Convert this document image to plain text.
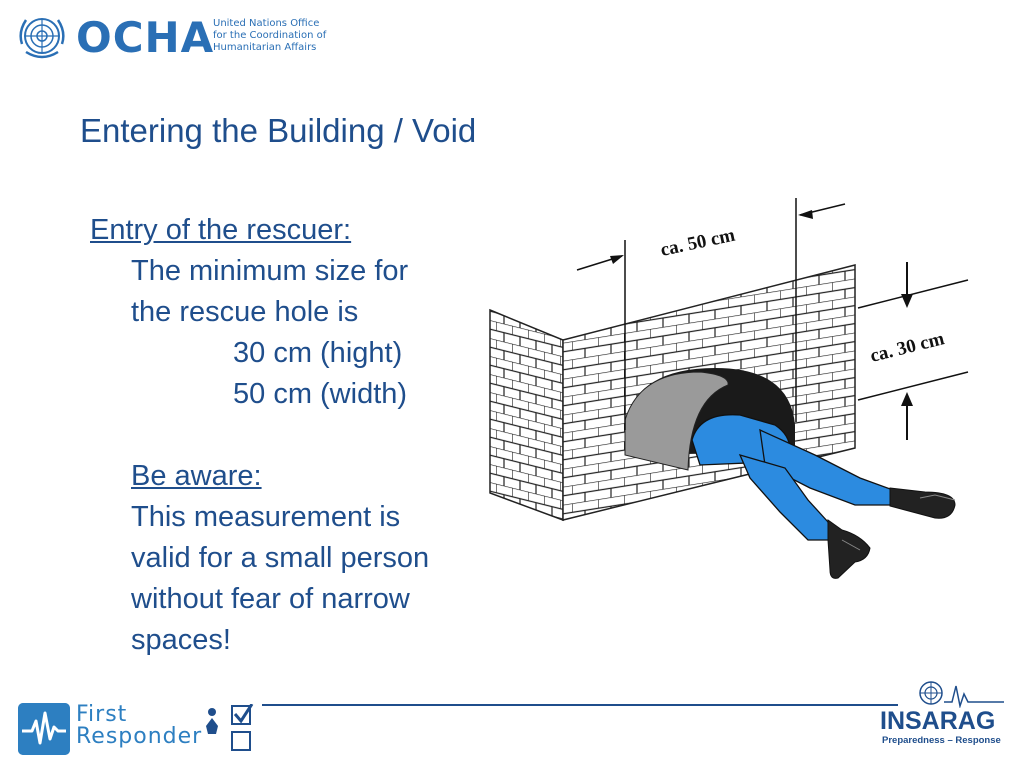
OCHA
United Nations Office
for the Coordination of
Humanitarian Affairs
Entering the Building / Void
Entry of the rescuer:
The minimum size for
the rescue hole is
30 cm (hight)
50 cm (width)
Be aware:
This measurement is
valid for a small person
without fear of narrow
spaces!
ca. 50 cm
ca. 30 cm
First
Responder
INSARAG
Preparedness – Response
